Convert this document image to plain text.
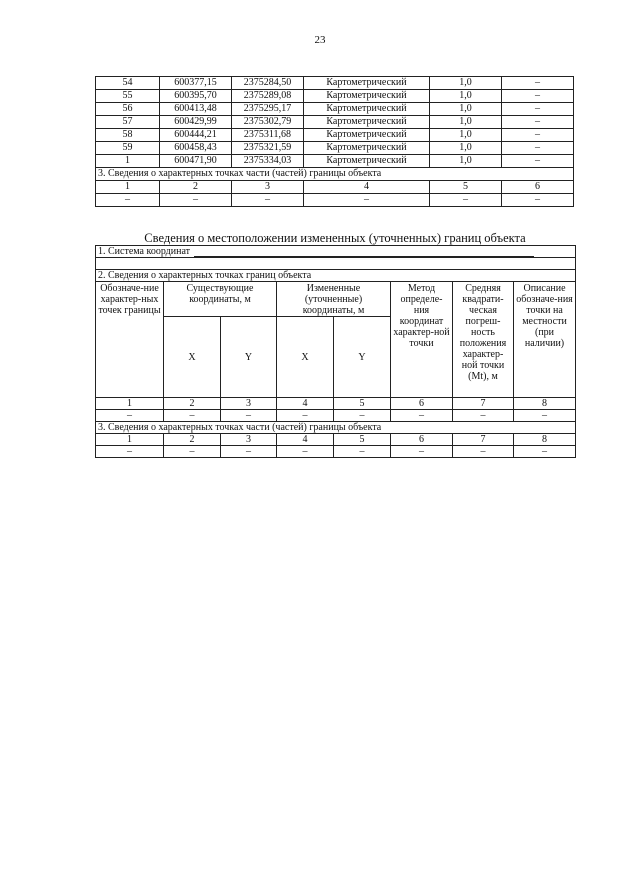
23
54	600377,15	2375284,50	Картометрический	1,0	–
55	600395,70	2375289,08	Картометрический	1,0	–
56	600413,48	2375295,17	Картометрический	1,0	–
57	600429,99	2375302,79	Картометрический	1,0	–
58	600444,21	2375311,68	Картометрический	1,0	–
59	600458,43	2375321,59	Картометрический	1,0	–
1	600471,90	2375334,03	Картометрический	1,0	–
3. Сведения о характерных точках части (частей) границы объекта					
1	2	3	4	5	6
–	–	–	–	–	–
Сведения о местоположении измененных (уточненных) границ объекта
1. Система координат							

2. Сведения о характерных точках границ объекта							
Обозначе-ние характер-ных точек границы	Существующие координаты, м		Измененные (уточненные) координаты, м		Метод определе-ния координат характер-ной точки	Средняя квадрати-ческая погреш-ность положения характер-ной точки (Mt), м	Описание обозначе-ния точки на местности (при наличии)
	X	Y	X	Y			
1	2	3	4	5	6	7	8
–	–	–	–	–	–	–	–
3. Сведения о характерных точках части (частей) границы объекта							
1	2	3	4	5	6	7	8
–	–	–	–	–	–	–	–
